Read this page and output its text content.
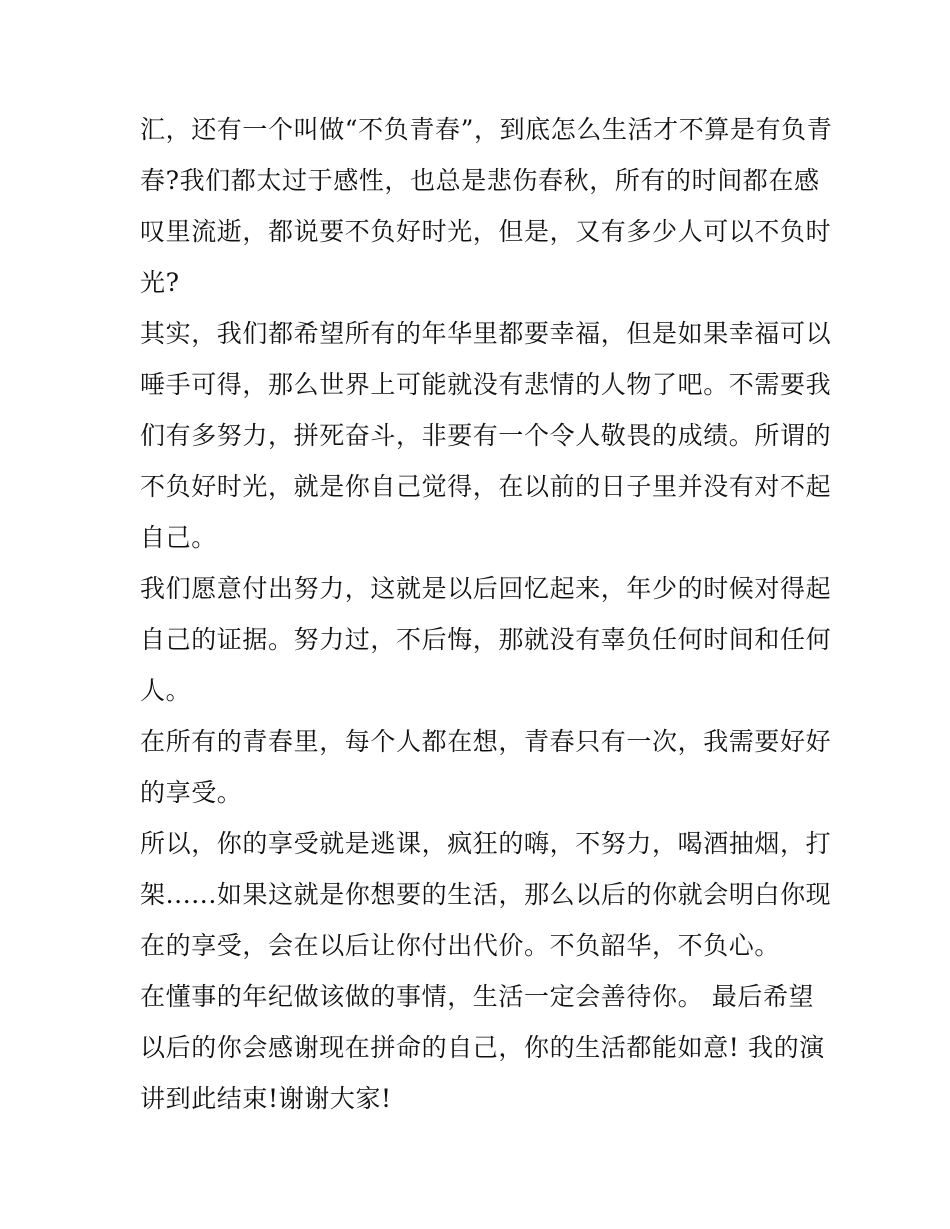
汇，还有一个叫做“不负青春”，到底怎么生活才不算是有负青
春?我们都太过于感性，也总是悲伤春秋，所有的时间都在感
叹里流逝，都说要不负好时光，但是，又有多少人可以不负时
光?
其实，我们都希望所有的年华里都要幸福，但是如果幸福可以
唾手可得，那么世界上可能就没有悲情的人物了吧。不需要我
们有多努力，拼死奋斗，非要有一个令人敬畏的成绩。所谓的
不负好时光，就是你自己觉得，在以前的日子里并没有对不起
自己。
我们愿意付出努力，这就是以后回忆起来，年少的时候对得起
自己的证据。努力过，不后悔，那就没有辜负任何时间和任何
人。
在所有的青春里，每个人都在想，青春只有一次，我需要好好
的享受。
所以，你的享受就是逃课，疯狂的嗨，不努力，喝酒抽烟，打
架......如果这就是你想要的生活，那么以后的你就会明白你现
在的享受，会在以后让你付出代价。不负韶华，不负心。
在懂事的年纪做该做的事情，生活一定会善待你。 最后希望
以后的你会感谢现在拼命的自己，你的生活都能如意! 我的演
讲到此结束!谢谢大家!
